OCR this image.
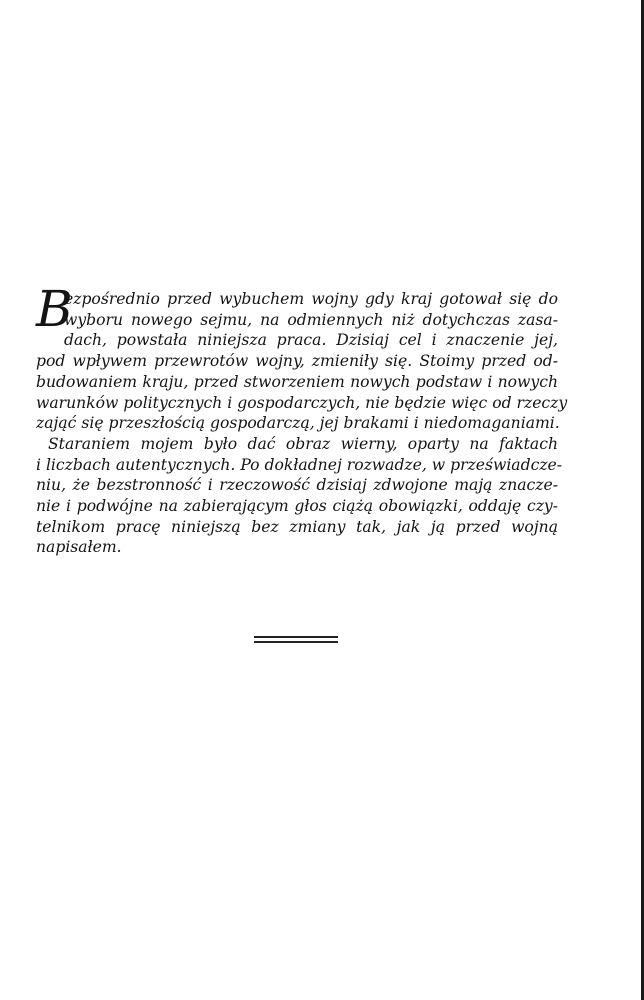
B
ezpośrednio przed wybuchem wojny gdy kraj gotował się do
wyboru nowego sejmu, na odmiennych niż dotychczas zasa-
dach, powstała niniejsza praca. Dzisiaj cel i znaczenie jej,
pod wpływem przewrotów wojny, zmieniły się. Stoimy przed od-
budowaniem kraju, przed stworzeniem nowych podstaw i nowych
warunków politycznych i gospodarczych, nie będzie więc od rzeczy
zająć się przeszłością gospodarczą, jej brakami i niedomaganiami.
Staraniem mojem było dać obraz wierny, oparty na faktach
i liczbach autentycznych. Po dokładnej rozwadze, w przeświadcze-
niu, że bezstronność i rzeczowość dzisiaj zdwojone mają znacze-
nie i podwójne na zabierającym głos ciążą obowiązki, oddaję czy-
telnikom pracę niniejszą bez zmiany tak, jak ją przed wojną
napisałem.
